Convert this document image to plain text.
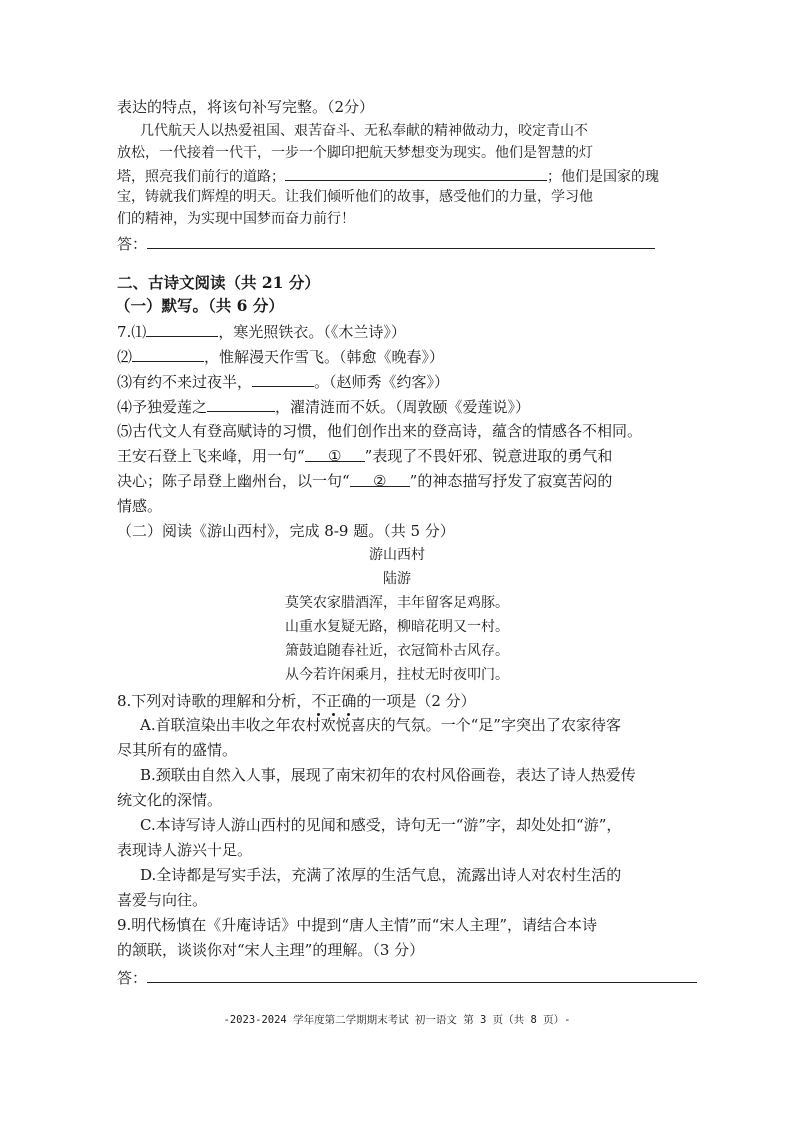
表达的特点，将该句补写完整。（2分）
几代航天人以热爱祖国、艰苦奋斗、无私奉献的精神做动力，咬定青山不
放松，一代接着一代干，一步一个脚印把航天梦想变为现实。他们是智慧的灯
塔，照亮我们前行的道路；	；他们是国家的瑰
宝，铸就我们辉煌的明天。让我们倾听他们的故事，感受他们的力量，学习他
们的精神，为实现中国梦而奋力前行！
答：
二、古诗文阅读（共 21 分）
（一）默写。（共 6 分）
7.⑴	，寒光照铁衣。（《木兰诗》）
⑵	，惟解漫天作雪飞。（韩愈《晚春》）
⑶有约不来过夜半，	。（赵师秀《约客》）
⑷予独爱莲之	，濯清涟而不妖。（周敦颐《爱莲说》）
⑸古代文人有登高赋诗的习惯，他们创作出来的登高诗，蕴含的情感各不相同。
王安石登上飞来峰，用一句“ ① ”表现了不畏奸邪、锐意进取的勇气和
决心；陈子昂登上幽州台，以一句“ ② ”的神态描写抒发了寂寞苦闷的
情感。
（二）阅读《游山西村》，完成 8-9 题。（共 5 分）
游山西村
陆游
莫笑农家腊酒浑，丰年留客足鸡豚。
山重水复疑无路，柳暗花明又一村。
箫鼓追随春社近，衣冠简朴古风存。
从今若许闲乘月，拄杖无时夜叩门。
8.下列对诗歌的理解和分析，不正确的一项是（2 分）
A.首联渲染出丰收之年农村欢悦喜庆的气氛。一个“足”字突出了农家待客
尽其所有的盛情。
B.颈联由自然入人事，展现了南宋初年的农村风俗画卷，表达了诗人热爱传
统文化的深情。
C.本诗写诗人游山西村的见闻和感受，诗句无一“游”字，却处处扣“游”，
表现诗人游兴十足。
D.全诗都是写实手法，充满了浓厚的生活气息，流露出诗人对农村生活的
喜爱与向往。
9.明代杨慎在《升庵诗话》中提到“唐人主情”而“宋人主理”，请结合本诗
的颔联，谈谈你对“宋人主理”的理解。（3 分）
答：
-2023-2024 学年度第二学期期末考试 初一语文 第 3 页（共 8 页）-
